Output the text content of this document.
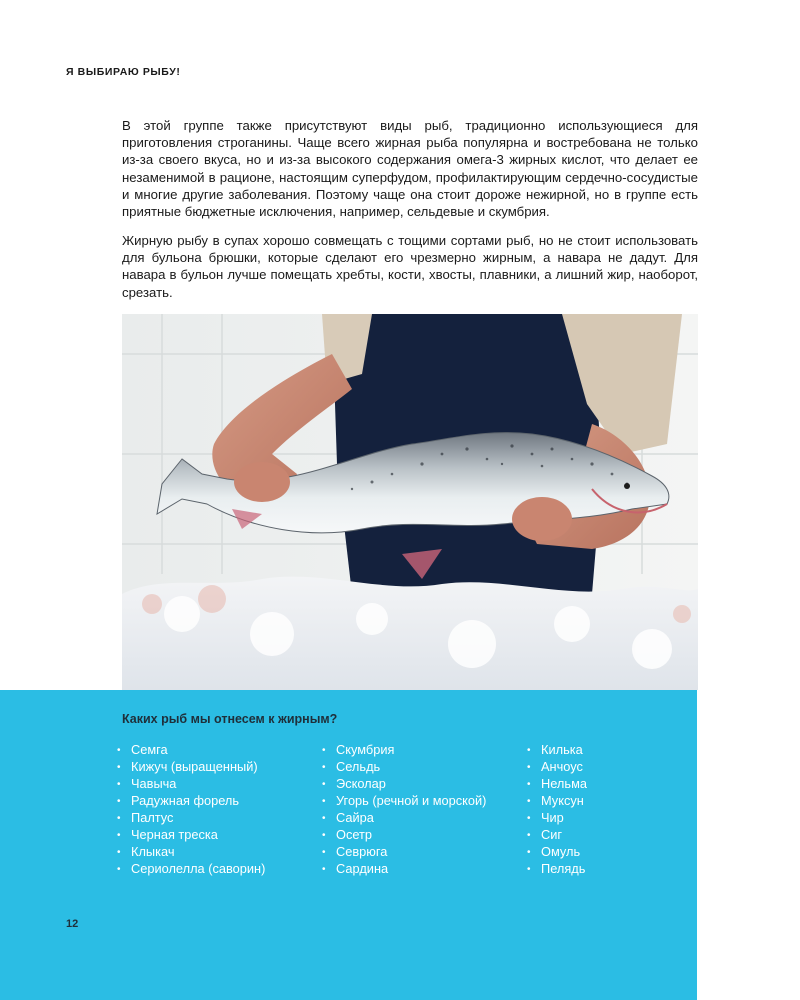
Я ВЫБИРАЮ РЫБУ!

В этой группе также присутствуют виды рыб, традиционно использующиеся для приготовления строганины. Чаще всего жирная рыба популярна и востребована не только из-за своего вкуса, но и из-за высокого содержания омега-3 жирных кислот, что делает ее незаменимой в рационе, настоящим суперфудом, профилактирующим сердечно-сосудистые и многие другие заболевания. Поэтому чаще она стоит дороже нежирной, но в группе есть приятные бюджетные исключения, например, сельдевые и скумбрия.

Жирную рыбу в супах хорошо совмещать с тощими сортами рыб, но не стоит использовать для бульона брюшки, которые сделают его чрезмерно жирным, а навара не дадут. Для навара в бульон лучше помещать хребты, кости, хвосты, плавники, а лишний жир, наоборот, срезать.

Каких рыб мы отнесем к жирным?
• Семга
• Кижуч (выращенный)
• Чавыча
• Радужная форель
• Палтус
• Черная треска
• Клыкач
• Сериолелла (саворин)
• Скумбрия
• Сельдь
• Эсколар
• Угорь (речной и морской)
• Сайра
• Осетр
• Севрюга
• Сардина
• Килька
• Анчоус
• Нельма
• Муксун
• Чир
• Сиг
• Омуль
• Пелядь
12
